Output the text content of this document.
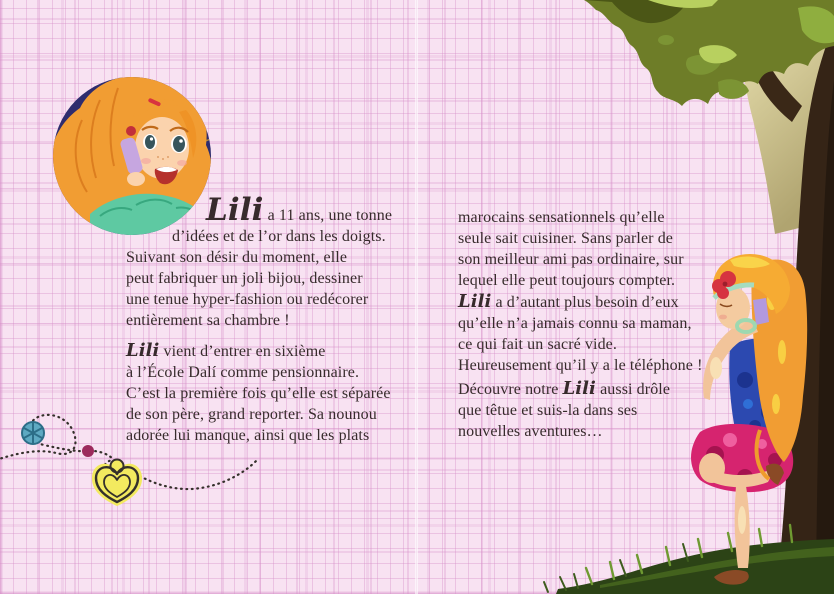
Lili a 11 ans, une tonne
d’idées et de l’or dans les doigts.
Suivant son désir du moment, elle
peut fabriquer un joli bijou, dessiner
une tenue hyper-fashion ou redécorer
entièrement sa chambre !
Lili vient d’entrer en sixième
à l’École Dalí comme pensionnaire.
C’est la première fois qu’elle est séparée
de son père, grand reporter. Sa nounou
adorée lui manque, ainsi que les plats
marocains sensationnels qu’elle
seule sait cuisiner. Sans parler de
son meilleur ami pas ordinaire, sur
lequel elle peut toujours compter.
Lili a d’autant plus besoin d’eux
qu’elle n’a jamais connu sa maman,
ce qui fait un sacré vide.
Heureusement qu’il y a le téléphone !
Découvre notre Lili aussi drôle
que têtue et suis-la dans ses
nouvelles aventures…
